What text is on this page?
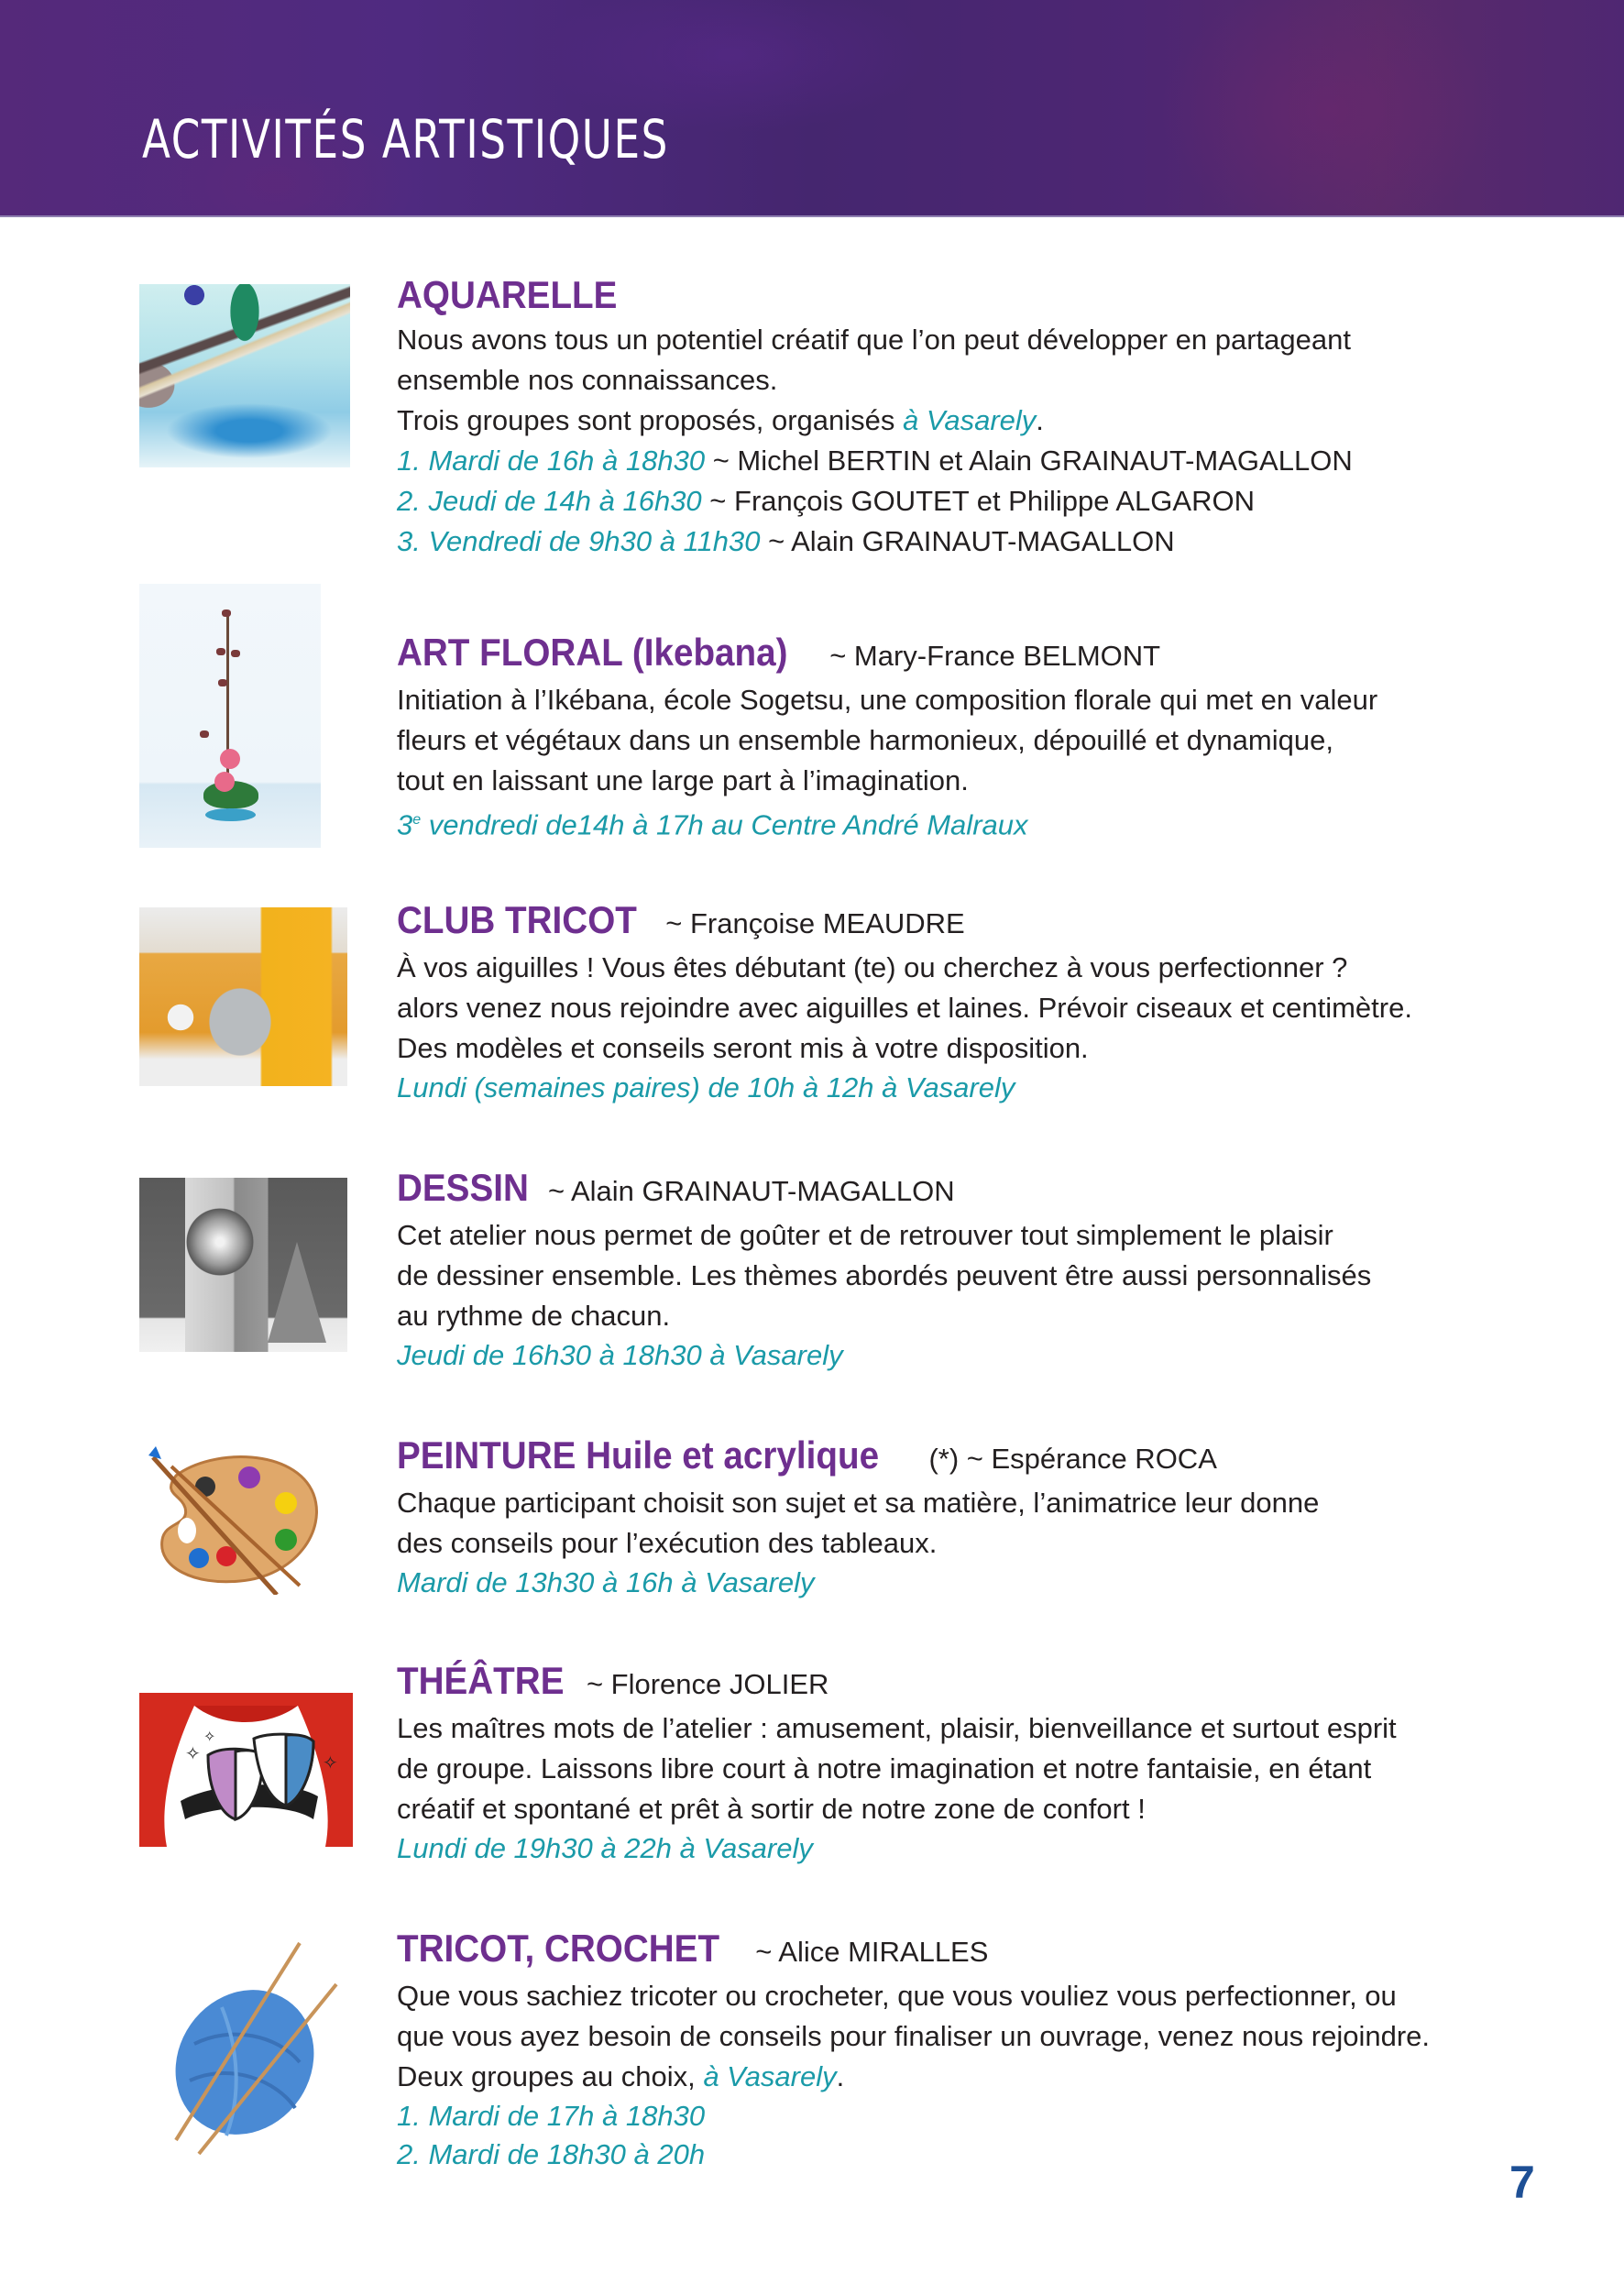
ACTIVITÉS ARTISTIQUES
AQUARELLE
Nous avons tous un potentiel créatif que l’on peut développer en partageant
ensemble nos connaissances.
Trois groupes sont proposés, organisés à Vasarely.
1. Mardi de 16h à 18h30 ~ Michel BERTIN et Alain GRAINAUT-MAGALLON
2. Jeudi de 14h à 16h30 ~ François GOUTET et Philippe ALGARON
3. Vendredi de 9h30 à 11h30 ~ Alain GRAINAUT-MAGALLON
ART FLORAL (Ikebana) ~ Mary-France BELMONT
Initiation à l’Ikébana, école Sogetsu, une composition florale qui met en valeur
fleurs et végétaux dans un ensemble harmonieux, dépouillé et dynamique,
tout en laissant une large part à l’imagination.
3e vendredi de14h à 17h au Centre André Malraux
CLUB TRICOT ~ Françoise MEAUDRE
À vos aiguilles ! Vous êtes débutant (te) ou cherchez à vous perfectionner ?
alors venez nous rejoindre avec aiguilles et laines. Prévoir ciseaux et centimètre.
Des modèles et conseils seront mis à votre disposition.
Lundi (semaines paires) de 10h à 12h à Vasarely
DESSIN ~ Alain GRAINAUT-MAGALLON
Cet atelier nous permet de goûter et de retrouver tout simplement le plaisir
de dessiner ensemble. Les thèmes abordés peuvent être aussi personnalisés
au rythme de chacun.
Jeudi de 16h30 à 18h30 à Vasarely
PEINTURE Huile et acrylique (*) ~ Espérance ROCA
Chaque participant choisit son sujet et sa matière, l’animatrice leur donne
des conseils pour l’exécution des tableaux.
Mardi de 13h30 à 16h à Vasarely
✧
✧
✧
THÉÂTRE ~ Florence JOLIER
Les maîtres mots de l’atelier : amusement, plaisir, bienveillance et surtout esprit
de groupe. Laissons libre court à notre imagination et notre fantaisie, en étant
créatif et spontané et prêt à sortir de notre zone de confort !
Lundi de 19h30 à 22h à Vasarely
TRICOT, CROCHET ~ Alice MIRALLES
Que vous sachiez tricoter ou crocheter, que vous vouliez vous perfectionner, ou
que vous ayez besoin de conseils pour finaliser un ouvrage, venez nous rejoindre.
Deux groupes au choix, à Vasarely.
1. Mardi de 17h à 18h30
2. Mardi de 18h30 à 20h
7
